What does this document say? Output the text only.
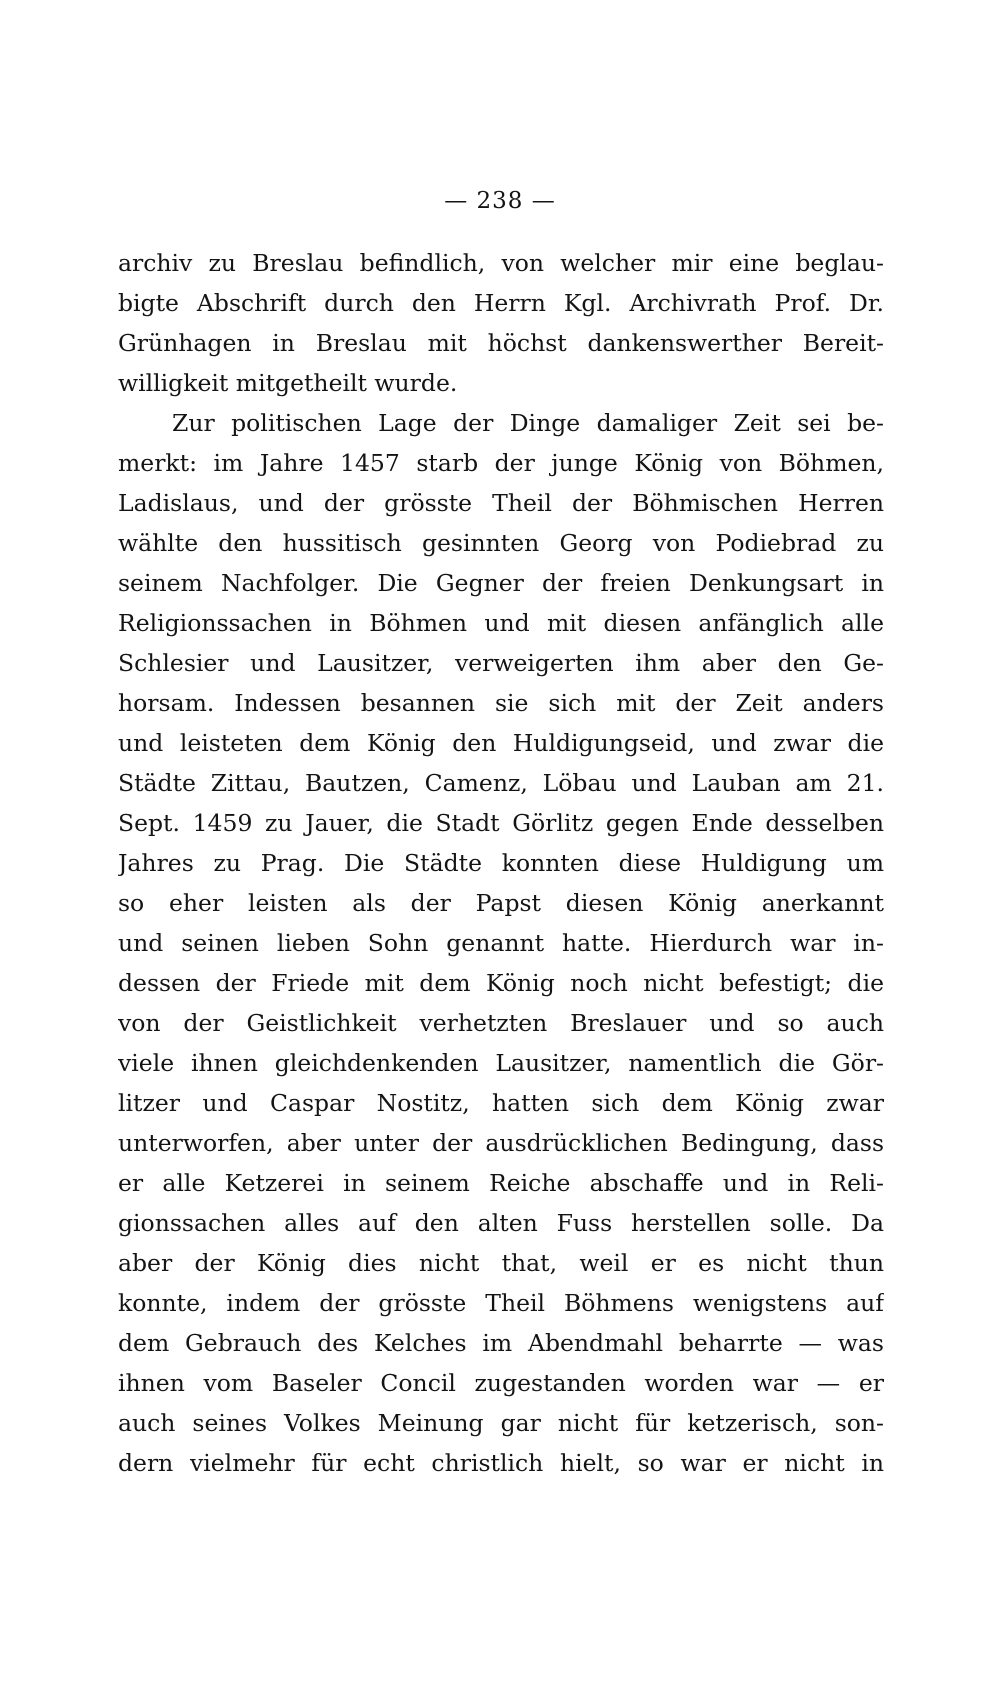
— 238 —
archiv zu Breslau befindlich, von welcher mir eine beglau-
bigte Abschrift durch den Herrn Kgl. Archivrath Prof. Dr.
Grünhagen in Breslau mit höchst dankenswerther Bereit-
willigkeit mitgetheilt wurde.
Zur politischen Lage der Dinge damaliger Zeit sei be-
merkt: im Jahre 1457 starb der junge König von Böhmen,
Ladislaus, und der grösste Theil der Böhmischen Herren
wählte den hussitisch gesinnten Georg von Podiebrad zu
seinem Nachfolger. Die Gegner der freien Denkungsart in
Religionssachen in Böhmen und mit diesen anfänglich alle
Schlesier und Lausitzer, verweigerten ihm aber den Ge-
horsam. Indessen besannen sie sich mit der Zeit anders
und leisteten dem König den Huldigungseid, und zwar die
Städte Zittau, Bautzen, Camenz, Löbau und Lauban am 21.
Sept. 1459 zu Jauer, die Stadt Görlitz gegen Ende desselben
Jahres zu Prag. Die Städte konnten diese Huldigung um
so eher leisten als der Papst diesen König anerkannt
und seinen lieben Sohn genannt hatte. Hierdurch war in-
dessen der Friede mit dem König noch nicht befestigt; die
von der Geistlichkeit verhetzten Breslauer und so auch
viele ihnen gleichdenkenden Lausitzer, namentlich die Gör-
litzer und Caspar Nostitz, hatten sich dem König zwar
unterworfen, aber unter der ausdrücklichen Bedingung, dass
er alle Ketzerei in seinem Reiche abschaffe und in Reli-
gionssachen alles auf den alten Fuss herstellen solle. Da
aber der König dies nicht that, weil er es nicht thun
konnte, indem der grösste Theil Böhmens wenigstens auf
dem Gebrauch des Kelches im Abendmahl beharrte — was
ihnen vom Baseler Concil zugestanden worden war — er
auch seines Volkes Meinung gar nicht für ketzerisch, son-
dern vielmehr für echt christlich hielt, so war er nicht in
